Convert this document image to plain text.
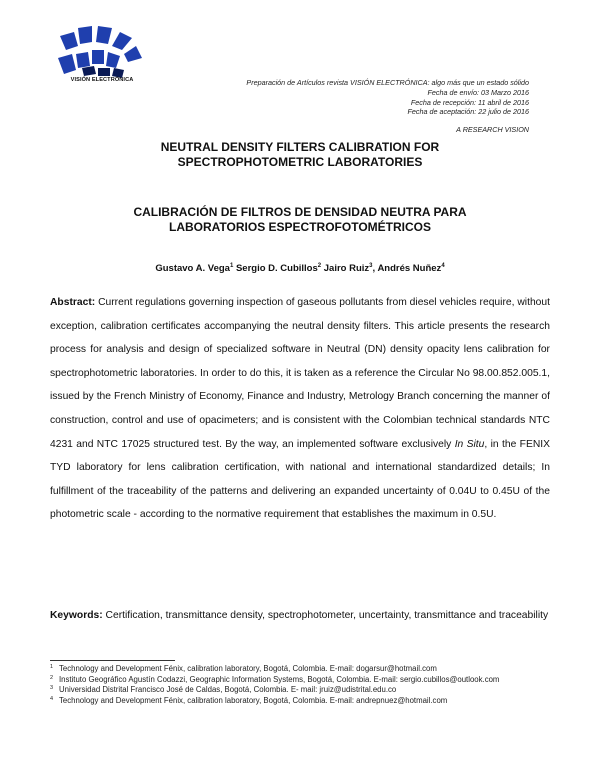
VISIÓN ELECTRÓNICA	Preparación de Artículos revista VISIÓN ELECTRÓNICA: algo más que un estado sólido
Fecha de envío: 03 Marzo 2016
Fecha de recepción: 11 abril de 2016
Fecha de aceptación: 22 julio de 2016
A RESEARCH VISION
NEUTRAL DENSITY FILTERS CALIBRATION FOR
SPECTROPHOTOMETRIC LABORATORIES
CALIBRACIÓN DE FILTROS DE DENSIDAD NEUTRA PARA
LABORATORIOS ESPECTROFOTOMÉTRICOS
Gustavo A. Vega$^1$ Sergio D. Cubillos$^2$ Jairo Ruiz$^3$, Andrés Nuñez$^4$

Abstract: Current regulations governing inspection of gaseous pollutants from diesel vehicles require, without exception, calibration certificates accompanying the neutral density filters. This article presents the research process for analysis and design of specialized software in Neutral (DN) density opacity lens calibration for spectrophotometric laboratories. In order to do this, it is taken as a reference the Circular No 98.00.852.005.1, issued by the French Ministry of Economy, Finance and Industry, Metrology Branch concerning the manner of construction, control and use of opacimeters; and is consistent with the Colombian technical standards NTC 4231 and NTC 17025 structured test. By the way, an implemented software exclusively In Situ, in the FENIX TYD laboratory for lens calibration certification, with national and international standardized details; In fulfillment of the traceability of the patterns and delivering an expanded uncertainty of 0.04U to 0.45U of the photometric scale - according to the normative requirement that establishes the maximum in 0.5U.

Keywords: Certification, transmittance density, spectrophotometer, uncertainty, transmittance and traceability

1 Technology and Development Fénix, calibration laboratory, Bogotá, Colombia. E-mail: dogarsur@hotmail.com
2 Instituto Geográfico Agustín Codazzi, Geographic Information Systems, Bogotá, Colombia. E-mail: sergio.cubillos@outlook.com
3 Universidad Distrital Francisco José de Caldas, Bogotá, Colombia. E- mail: jruiz@udistrital.edu.co
4 Technology and Development Fénix, calibration laboratory, Bogotá, Colombia. E-mail: andrepnuez@hotmail.com
